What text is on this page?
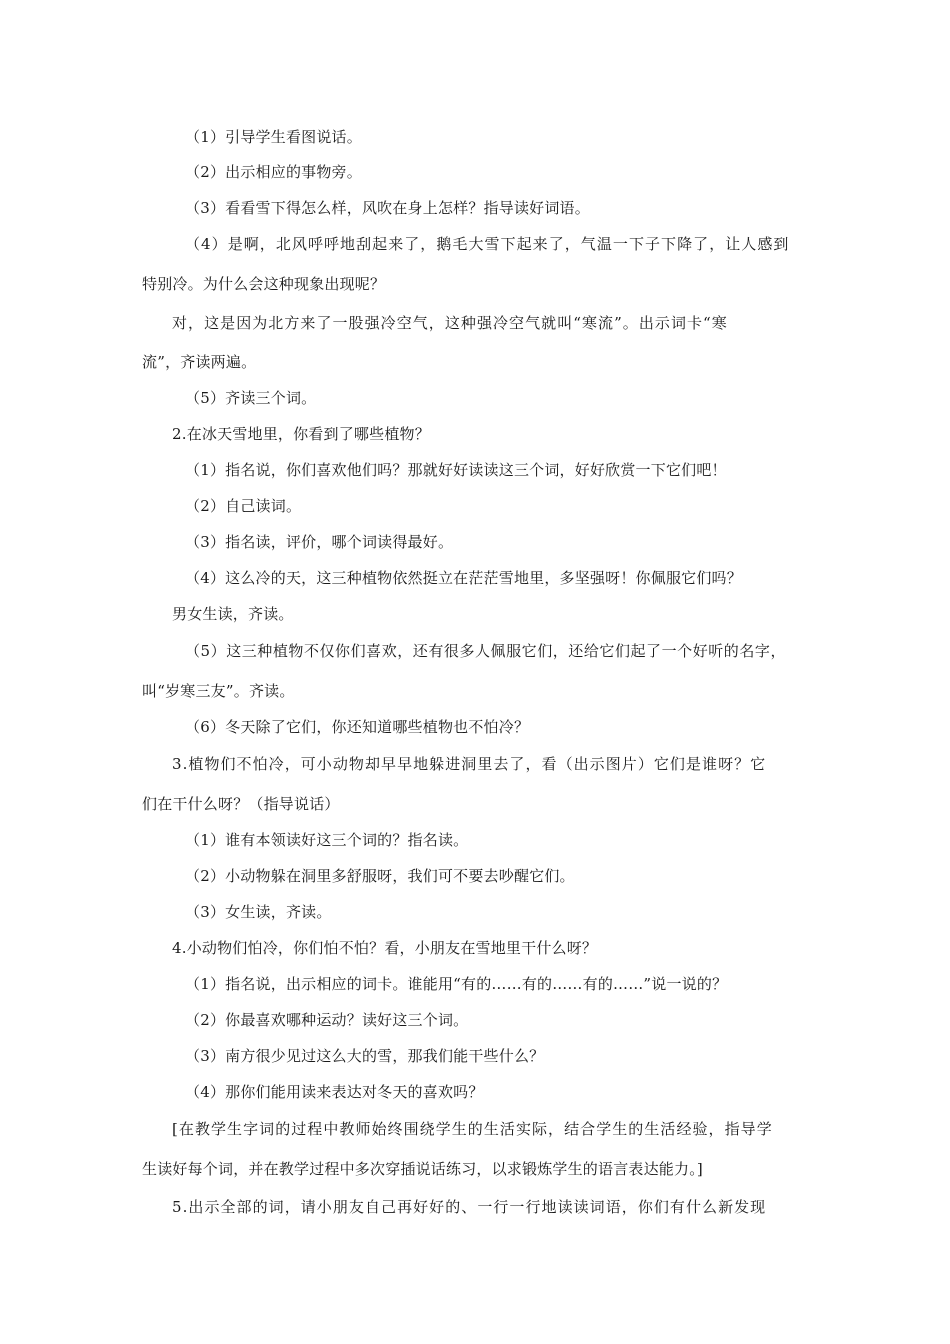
（1）引导学生看图说话。
（2）出示相应的事物旁。
（3）看看雪下得怎么样，风吹在身上怎样？指导读好词语。
（4）是啊，北风呼呼地刮起来了，鹅毛大雪下起来了，气温一下子下降了，让人感到
特别冷。为什么会这种现象出现呢？
对，这是因为北方来了一股强冷空气，这种强冷空气就叫“寒流”。出示词卡“寒
流”，齐读两遍。
（5）齐读三个词。
2.在冰天雪地里，你看到了哪些植物？
（1）指名说，你们喜欢他们吗？那就好好读读这三个词，好好欣赏一下它们吧！
（2）自己读词。
（3）指名读，评价，哪个词读得最好。
（4）这么冷的天，这三种植物依然挺立在茫茫雪地里，多坚强呀！你佩服它们吗？
男女生读，齐读。
（5）这三种植物不仅你们喜欢，还有很多人佩服它们，还给它们起了一个好听的名字，
叫“岁寒三友”。齐读。
（6）冬天除了它们，你还知道哪些植物也不怕冷？
3.植物们不怕冷，可小动物却早早地躲进洞里去了，看（出示图片）它们是谁呀？它
们在干什么呀？（指导说话）
（1）谁有本领读好这三个词的？指名读。
（2）小动物躲在洞里多舒服呀，我们可不要去吵醒它们。
（3）女生读，齐读。
4.小动物们怕冷，你们怕不怕？看，小朋友在雪地里干什么呀？
（1）指名说，出示相应的词卡。谁能用“有的……有的……有的……”说一说的？
（2）你最喜欢哪种运动？读好这三个词。
（3）南方很少见过这么大的雪，那我们能干些什么？
（4）那你们能用读来表达对冬天的喜欢吗？
[在教学生字词的过程中教师始终围绕学生的生活实际，结合学生的生活经验，指导学
生读好每个词，并在教学过程中多次穿插说话练习，以求锻炼学生的语言表达能力。]
5.出示全部的词，请小朋友自己再好好的、一行一行地读读词语，你们有什么新发现
